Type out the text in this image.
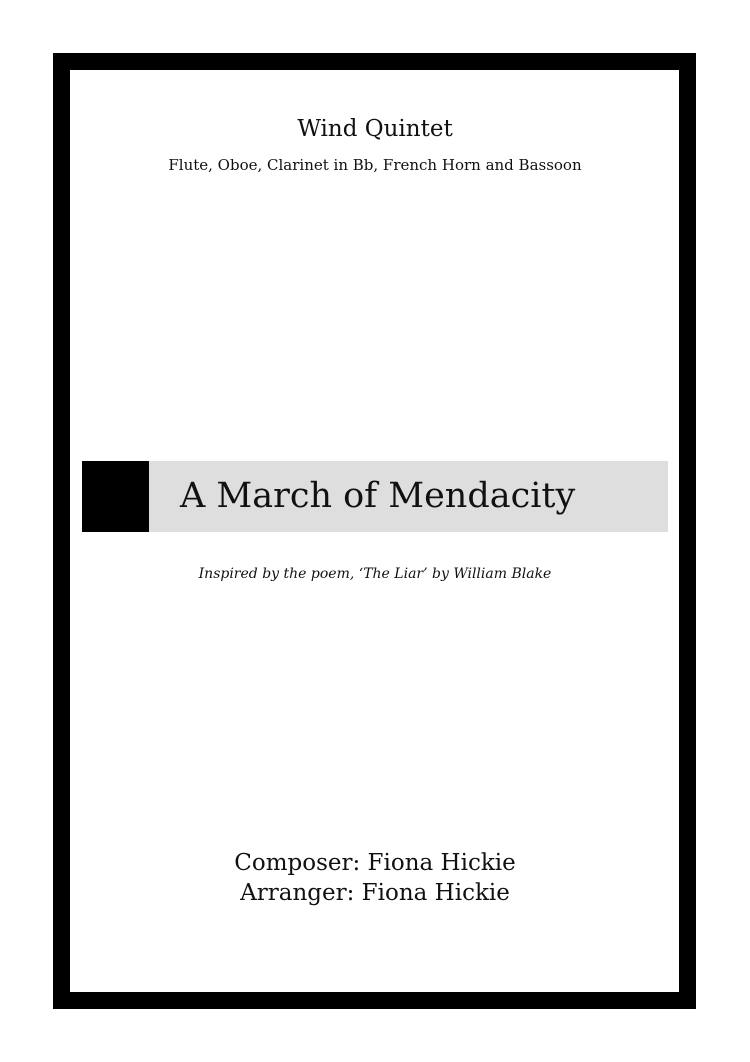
Wind Quintet
Flute, Oboe, Clarinet in Bb, French Horn and Bassoon
A March of Mendacity
Inspired by the poem, ‘The Liar’ by William Blake
Composer: Fiona Hickie
Arranger: Fiona Hickie
